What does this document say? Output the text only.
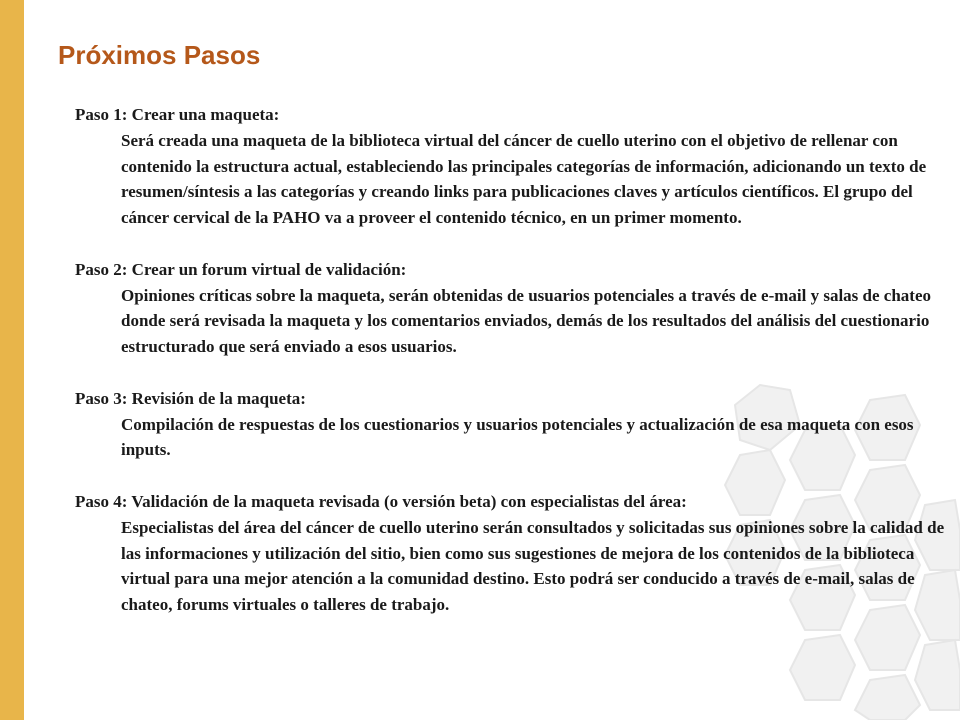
Próximos Pasos

Paso 1: Crear una maqueta:

Será creada una maqueta de la biblioteca virtual del cáncer de cuello uterino con el objetivo de rellenar con contenido la estructura actual, estableciendo las principales categorías de información, adicionando un texto de resumen/síntesis a las categorías y creando links para publicaciones claves y artículos científicos. El grupo del cáncer cervical de la PAHO va a proveer el contenido técnico, en un primer momento.

Paso 2: Crear un forum virtual de validación:

Opiniones críticas sobre la maqueta, serán obtenidas de usuarios potenciales a través de e-mail y salas de chateo donde será revisada la maqueta y los comentarios enviados, demás de los resultados del análisis del cuestionario estructurado que será enviado a esos usuarios.

Paso 3: Revisión de la maqueta:

Compilación de respuestas de los cuestionarios y usuarios potenciales y actualización de esa maqueta con esos inputs.

Paso 4: Validación de la maqueta revisada (o versión beta) con especialistas del área:

Especialistas del área del cáncer de cuello uterino serán consultados y solicitadas sus opiniones sobre la calidad de las informaciones y utilización del sitio, bien como sus sugestiones de mejora de los contenidos de la biblioteca virtual para una mejor atención a la comunidad destino. Esto podrá ser conducido a través de e-mail, salas de chateo, forums virtuales o talleres de trabajo.
